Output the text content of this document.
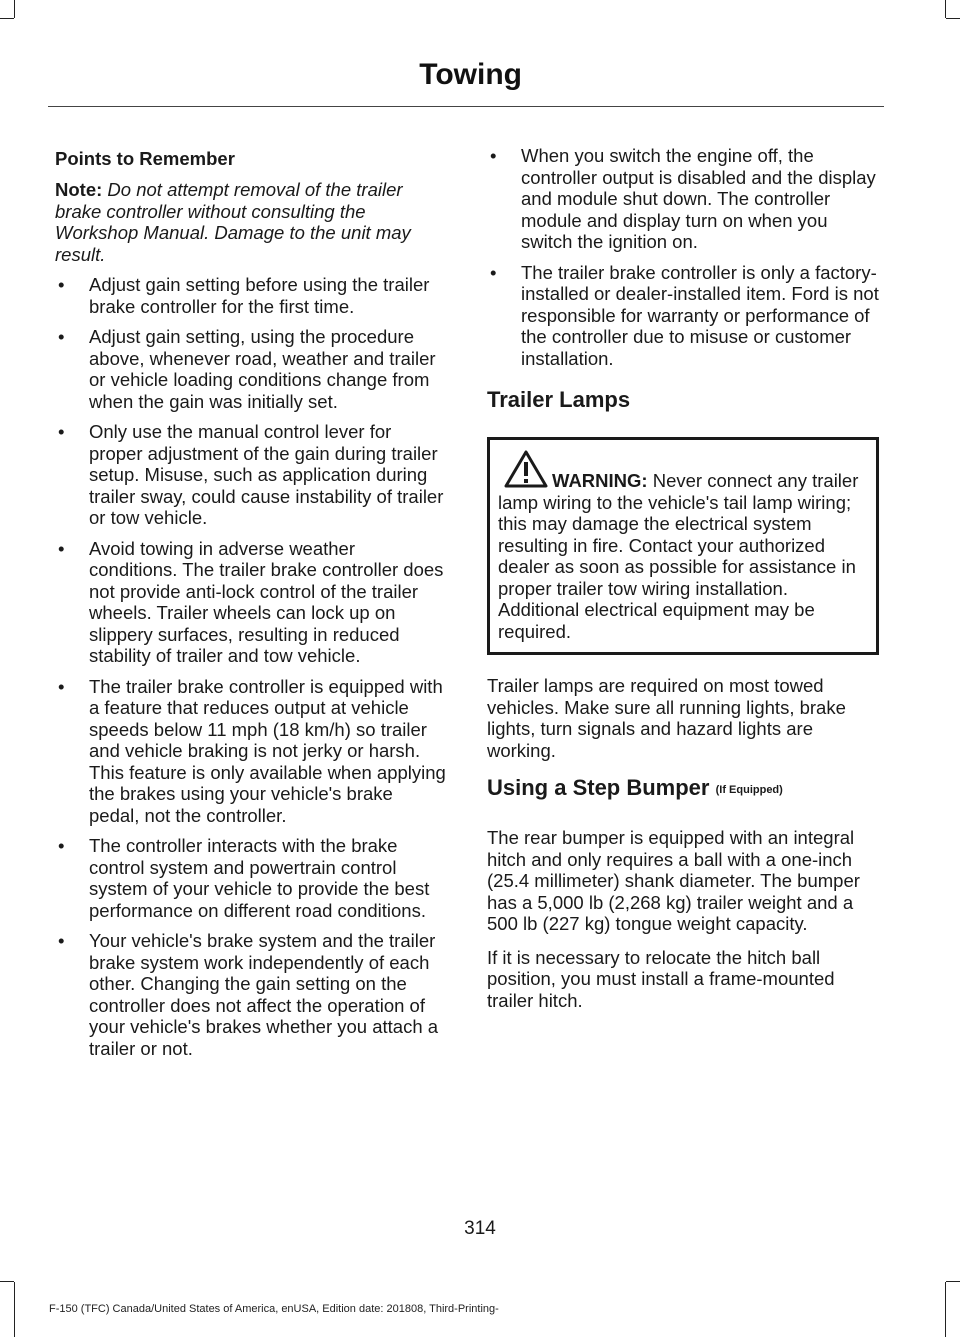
Towing
Points to Remember

Note: Do not attempt removal of the trailer brake controller without consulting the Workshop Manual. Damage to the unit may result.

• Adjust gain setting before using the trailer brake controller for the first time.
• Adjust gain setting, using the procedure above, whenever road, weather and trailer or vehicle loading conditions change from when the gain was initially set.
• Only use the manual control lever for proper adjustment of the gain during trailer setup. Misuse, such as application during trailer sway, could cause instability of trailer or tow vehicle.
• Avoid towing in adverse weather conditions. The trailer brake controller does not provide anti-lock control of the trailer wheels. Trailer wheels can lock up on slippery surfaces, resulting in reduced stability of trailer and tow vehicle.
• The trailer brake controller is equipped with a feature that reduces output at vehicle speeds below 11 mph (18 km/h) so trailer and vehicle braking is not jerky or harsh. This feature is only available when applying the brakes using your vehicle's brake pedal, not the controller.
• The controller interacts with the brake control system and powertrain control system of your vehicle to provide the best performance on different road conditions.
• Your vehicle's brake system and the trailer brake system work independently of each other. Changing the gain setting on the controller does not affect the operation of your vehicle's brakes whether you attach a trailer or not.
• When you switch the engine off, the controller output is disabled and the display and module shut down. The controller module and display turn on when you switch the ignition on.
• The trailer brake controller is only a factory-installed or dealer-installed item. Ford is not responsible for warranty or performance of the controller due to misuse or customer installation.
Trailer Lamps

WARNING: Never connect any trailer lamp wiring to the vehicle's tail lamp wiring; this may damage the electrical system resulting in fire. Contact your authorized dealer as soon as possible for assistance in proper trailer tow wiring installation. Additional electrical equipment may be required.

Trailer lamps are required on most towed vehicles. Make sure all running lights, brake lights, turn signals and hazard lights are working.

Using a Step Bumper (If Equipped)

The rear bumper is equipped with an integral hitch and only requires a ball with a one-inch (25.4 millimeter) shank diameter. The bumper has a 5,000 lb (2,268 kg) trailer weight and a 500 lb (227 kg) tongue weight capacity.

If it is necessary to relocate the hitch ball position, you must install a frame-mounted trailer hitch.

314
F-150 (TFC) Canada/United States of America, enUSA, Edition date: 201808, Third-Printing-
